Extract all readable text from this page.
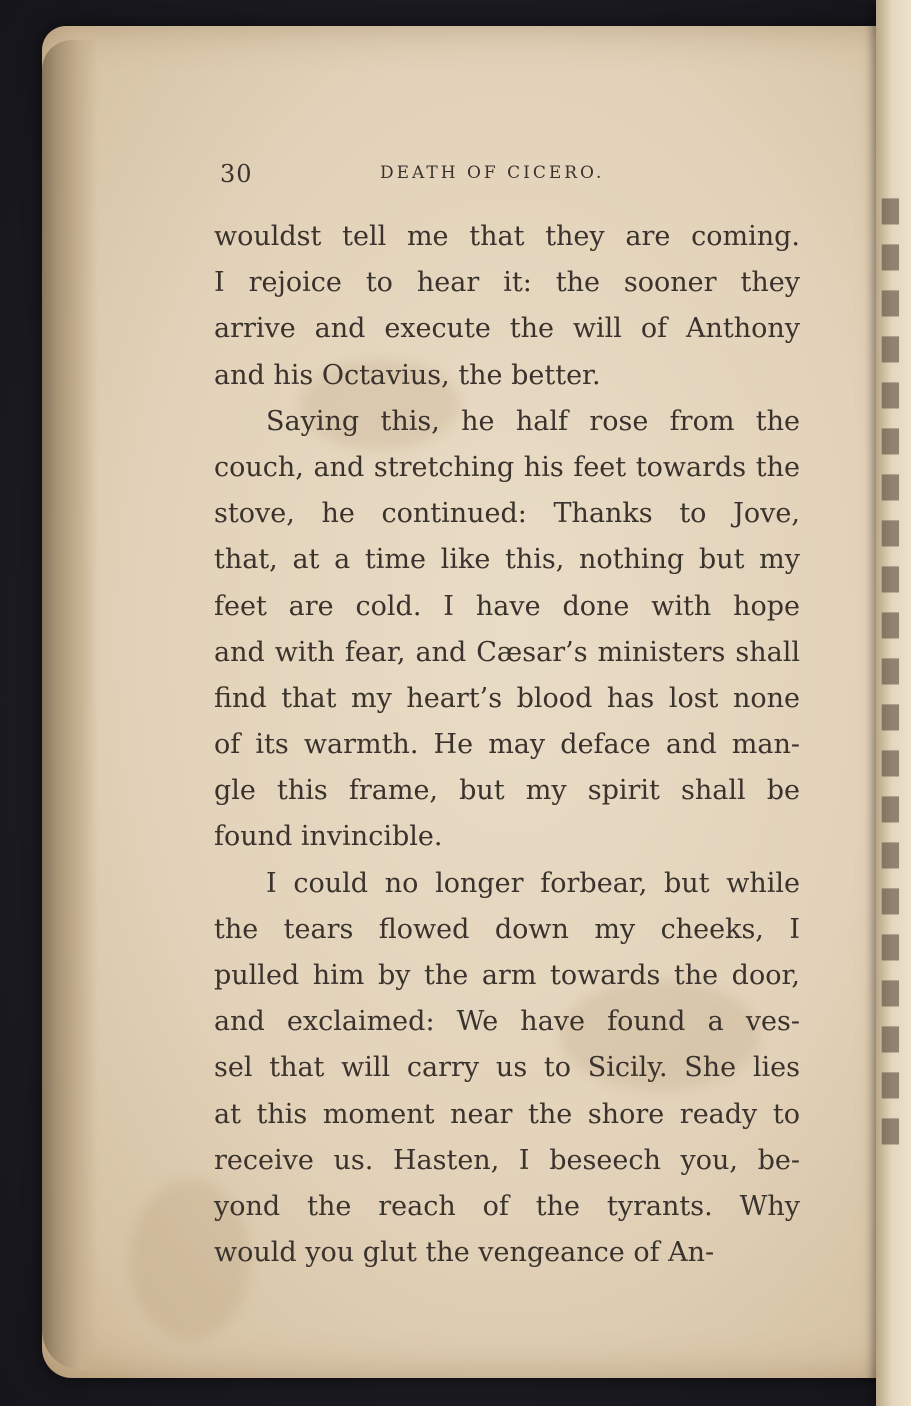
█
█
█
█
█
█
█
█
█
█
█
█
█
█
█
█
█
█
█
█
█
30	DEATH OF CICERO.
wouldst tell me that they are coming.
I rejoice to hear it: the sooner they
arrive and execute the will of Anthony
and his Octavius, the better.
Saying this, he half rose from the
couch, and stretching his feet towards the
stove, he continued: Thanks to Jove,
that, at a time like this, nothing but my
feet are cold. I have done with hope
and with fear, and Cæsar’s ministers shall
find that my heart’s blood has lost none
of its warmth. He may deface and man-
gle this frame, but my spirit shall be
found invincible.
I could no longer forbear, but while
the tears flowed down my cheeks, I
pulled him by the arm towards the door,
and exclaimed: We have found a ves-
sel that will carry us to Sicily. She lies
at this moment near the shore ready to
receive us. Hasten, I beseech you, be-
yond the reach of the tyrants. Why
would you glut the vengeance of An-
